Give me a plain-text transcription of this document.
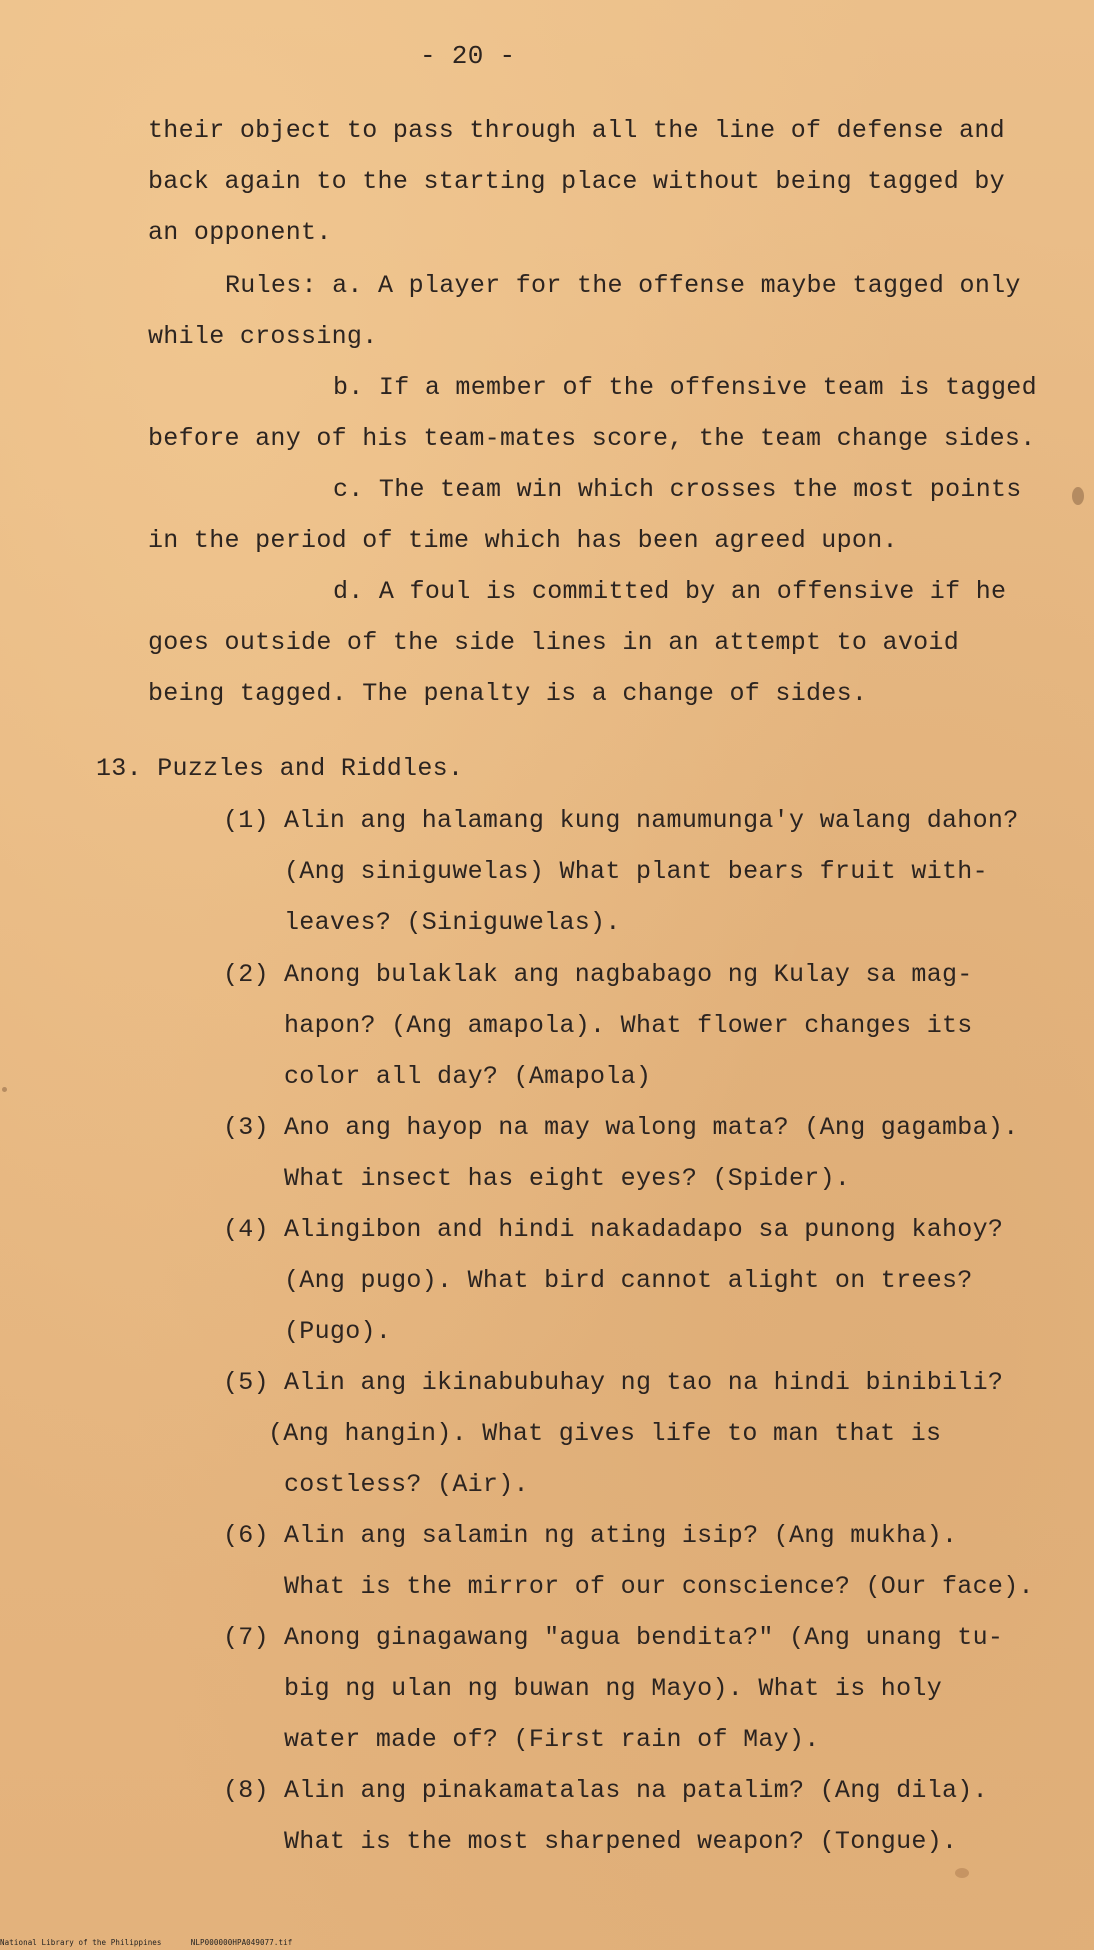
- 20 -
their object to pass through all the line of defense and
back again to the starting place without being tagged by
an opponent.
Rules: a. A player for the offense maybe tagged only
while crossing.
b. If a member of the offensive team is tagged
before any of his team-mates score, the team change sides.
c. The team win which crosses the most points
in the period of time which has been agreed upon.
d. A foul is committed by an offensive if he
goes outside of the side lines in an attempt to avoid
being tagged. The penalty is a change of sides.
13. Puzzles and Riddles.
(1) Alin ang halamang kung namumunga'y walang dahon?
(Ang siniguwelas) What plant bears fruit with-
leaves? (Siniguwelas).
(2) Anong bulaklak ang nagbabago ng Kulay sa mag-
hapon? (Ang amapola). What flower changes its
color all day? (Amapola)
(3) Ano ang hayop na may walong mata? (Ang gagamba).
What insect has eight eyes? (Spider).
(4) Alingibon and hindi nakadadapo sa punong kahoy?
(Ang pugo). What bird cannot alight on trees?
(Pugo).
(5) Alin ang ikinabubuhay ng tao na hindi binibili?
(Ang hangin). What gives life to man that is
costless? (Air).
(6) Alin ang salamin ng ating isip? (Ang mukha).
What is the mirror of our conscience? (Our face).
(7) Anong ginagawang "agua bendita?" (Ang unang tu-
big ng ulan ng buwan ng Mayo). What is holy
water made of? (First rain of May).
(8) Alin ang pinakamatalas na patalim? (Ang dila).
What is the most sharpened weapon? (Tongue).
National Library of the Philippines	NLP000000HPA049077.tif
